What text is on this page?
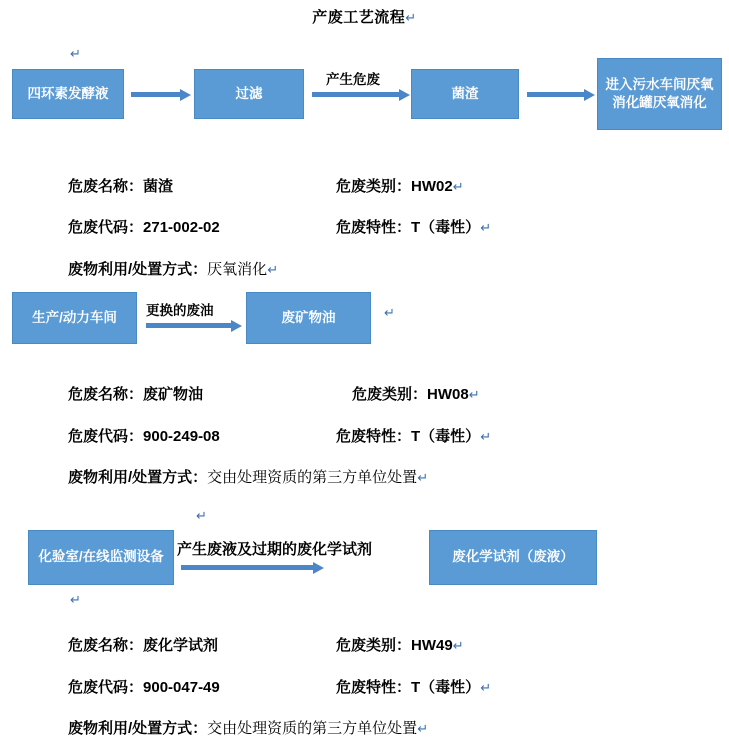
产废工艺流程↵
↵
四环素发酵液	过滤
产生危废
菌渣
进入污水车间厌氧消化罐厌氧消化
危废名称：菌渣	危废类别：HW02↵
危废代码：271-002-02	危废特性：T（毒性）↵
废物利用/处置方式：厌氧消化↵
生产/动力车间 更换的废油	废矿物油	↵
危废名称：废矿物油	危废类别：HW08↵
危废代码：900-249-08	危废特性：T（毒性）↵
废物利用/处置方式：交由处理资质的第三方单位处置↵
↵
化验室/在线监测设备 产生废液及过期的废化学试剂	废化学试剂（废液）
↵
危废名称：废化学试剂	危废类别：HW49↵
危废代码：900-047-49	危废特性：T（毒性）↵
废物利用/处置方式：交由处理资质的第三方单位处置↵
